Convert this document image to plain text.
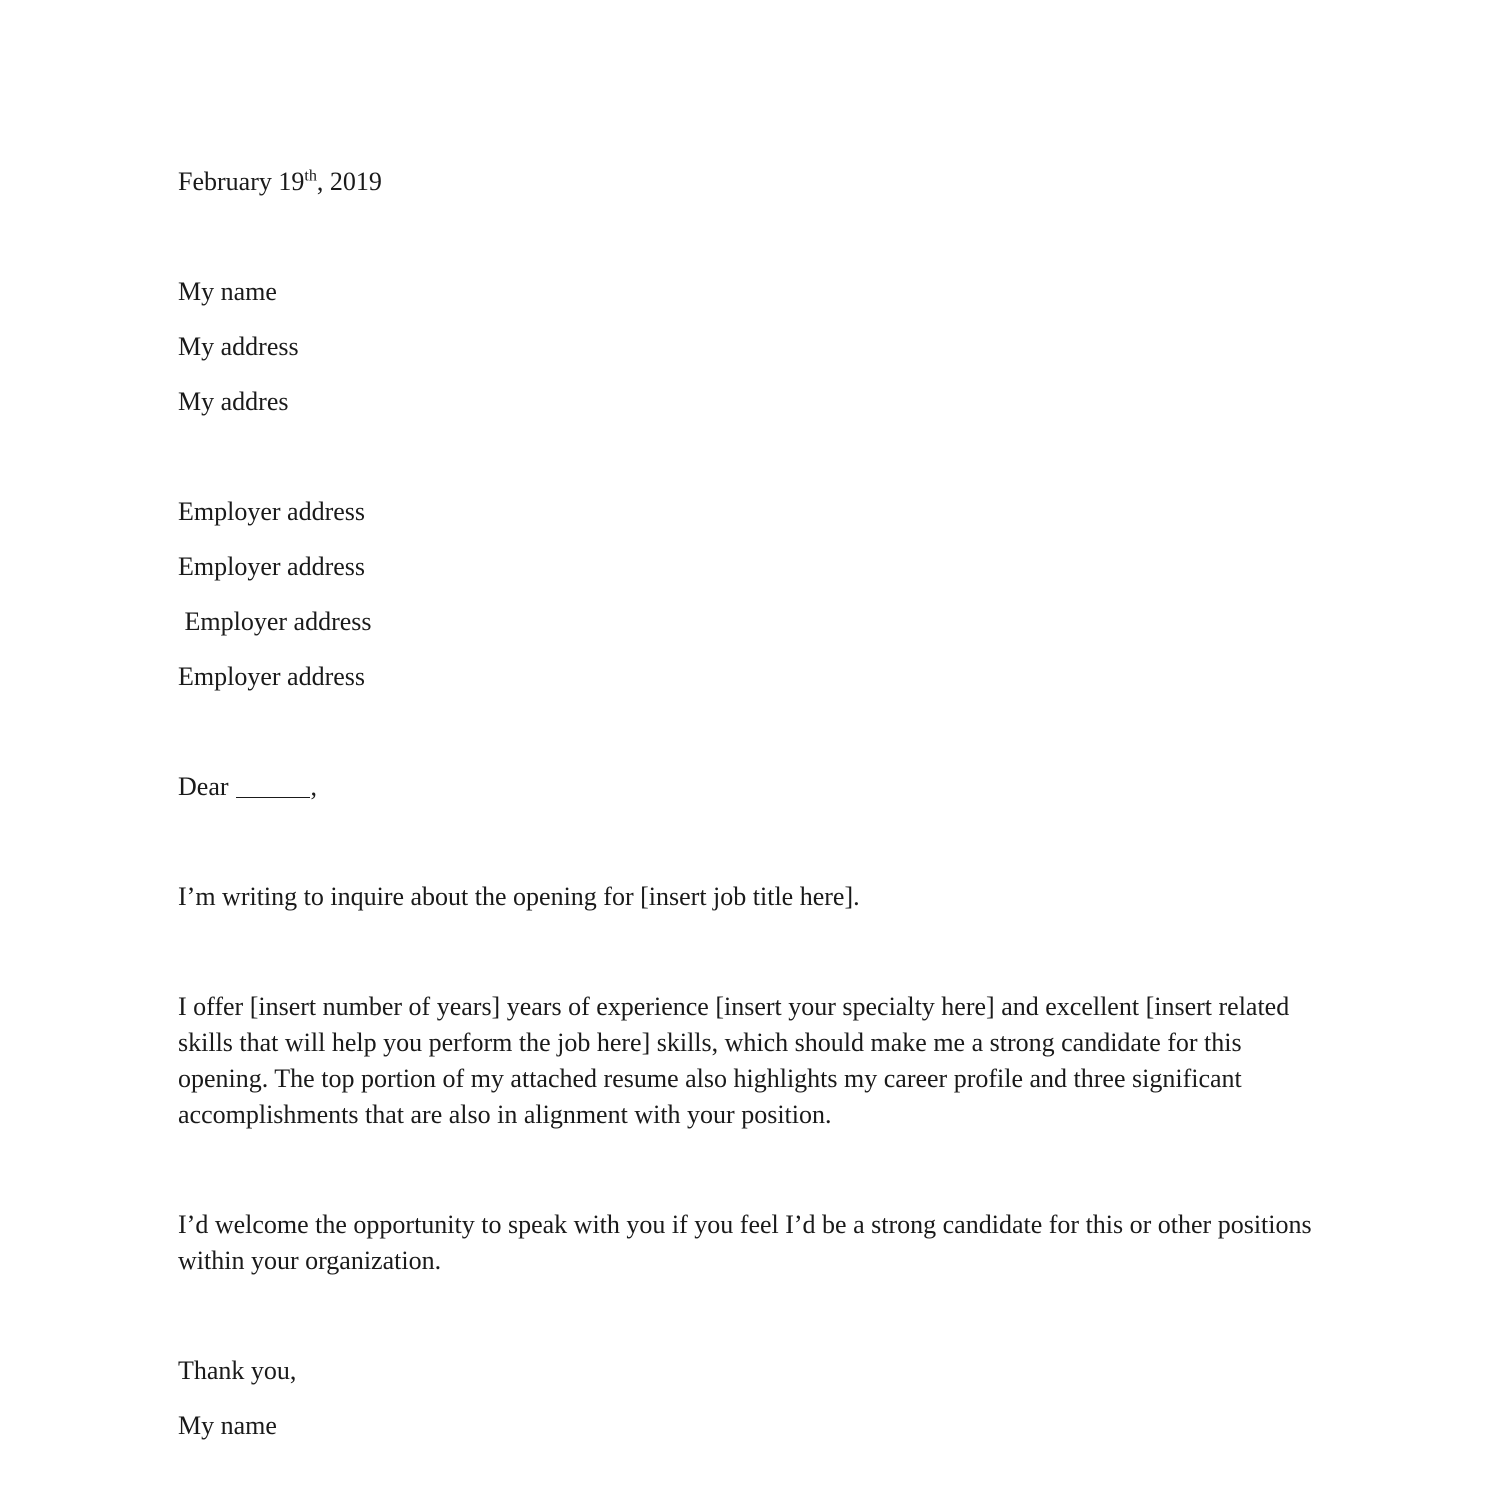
February 19th, 2019

My name

My address

My addres

Employer address

Employer address

Employer address

Employer address

Dear	,

I’m writing to inquire about the opening for [insert job title here].

I offer [insert number of years] years of experience [insert your specialty here] and excellent [insert related skills that will help you perform the job here] skills, which should make me a strong candidate for this opening. The top portion of my attached resume also highlights my career profile and three significant accomplishments that are also in alignment with your position.

I’d welcome the opportunity to speak with you if you feel I’d be a strong candidate for this or other positions within your organization.

Thank you,

My name
